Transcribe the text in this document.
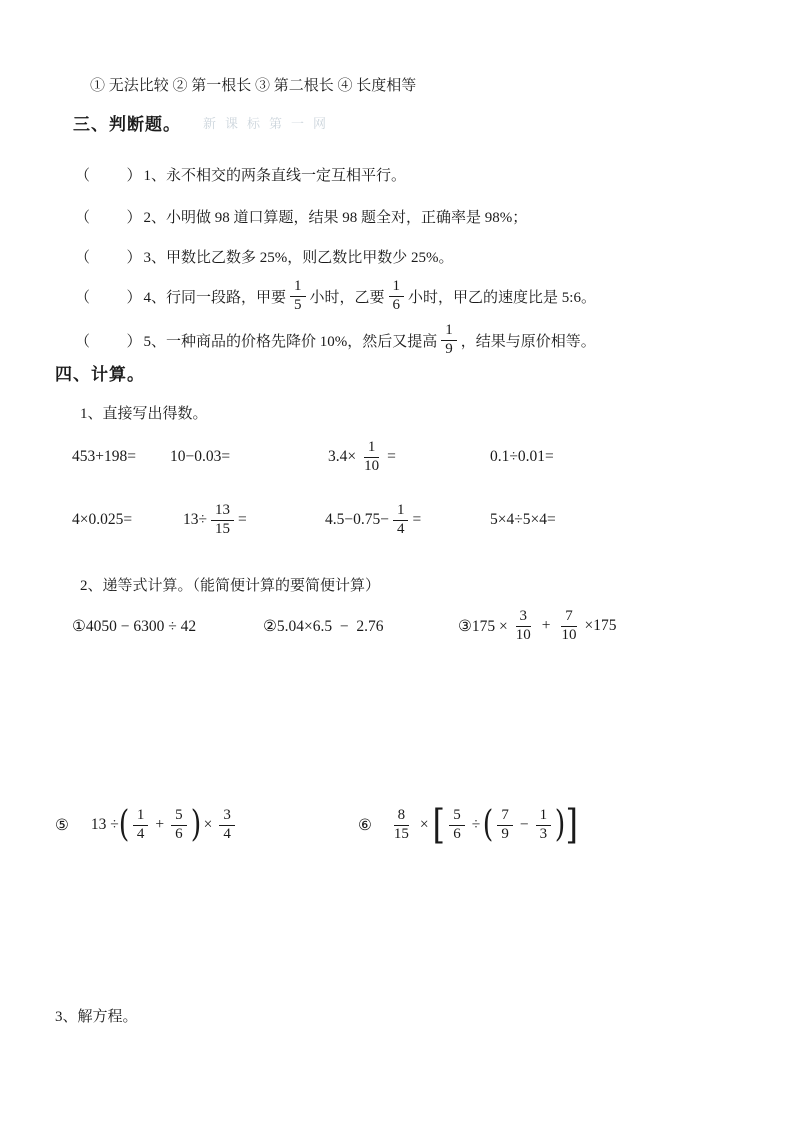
① 无法比较 ② 第一根长 ③ 第二根长 ④ 长度相等
三、判断题。 新课标第一网
（      ） 1、永不相交的两条直线一定互相平行。
（      ） 2、小明做 98 道口算题，结果 98 题全对，正确率是 98%；
（      ） 3、甲数比乙数多 25%，则乙数比甲数少 25%。
（      ） 4、行同一段路，甲要 $\frac{1}{5}$ 小时，乙要 $\frac{1}{6}$ 小时，甲乙的速度比是 5:6。
（      ） 5、一种商品的价格先降价 10%，然后又提高 $\frac{1}{9}$ ，结果与原价相等。
四、计算。
1、直接写出得数。
453+198= 10−0.03=	$3.4\times \frac{1}{10}$ =	0.1÷0.01=
4×0.025=	$13\div \frac{13}{15}$ =	$4.5-0.75- \frac{1}{4}$ =	5×4÷5×4=
2、递等式计算。（能简便计算的要简便计算）
①4050 − 6300 ÷ 42	②5.04×6.5  −  2.76	③175 × $\frac{3}{10} + \frac{7}{10} \times 175$
⑤ 13 ÷ ( $\frac{1}{4} + \frac{5}{6}$ ) × $\frac{3}{4}$	⑥ $\frac{8}{15}$ × [ $\frac{5}{6}$ ÷ ( $\frac{7}{9} - \frac{1}{3}$ ) ]
3、解方程。
